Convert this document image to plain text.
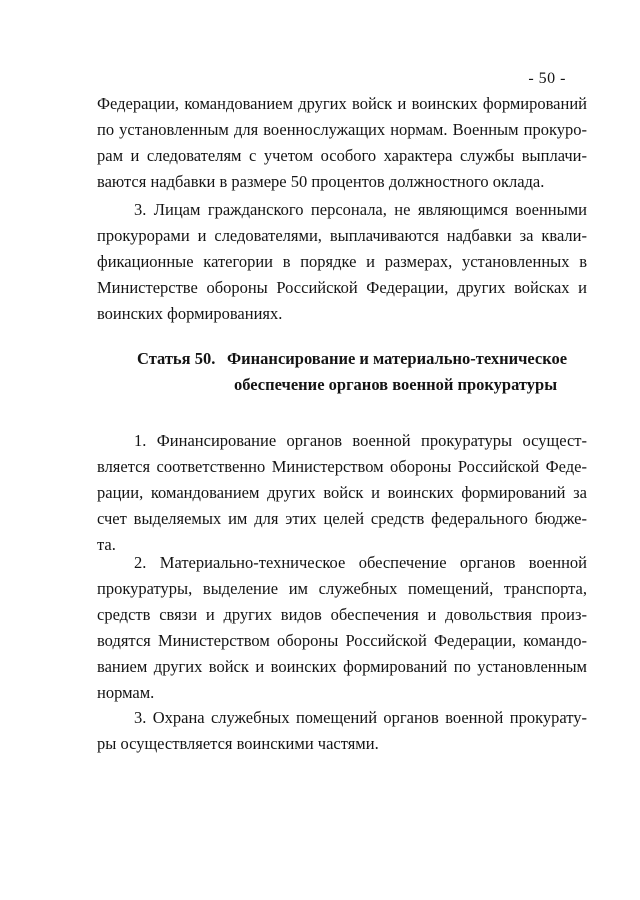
- 50 -
Федерации, командованием других войск и воинских формирований
по установленным для военнослужащих нормам. Военным прокуро-
рам и следователям с учетом особого характера службы выплачи-
ваются надбавки в размере 50 процентов должностного оклада.
3. Лицам гражданского персонала, не являющимся военными
прокурорами и следователями, выплачиваются надбавки за квали-
фикационные категории в порядке и размерах, установленных в
Министерстве обороны Российской Федерации, других войсках и
воинских формированиях.
Статья 50. Финансирование и материально-техническое
обеспечение органов военной прокуратуры
1. Финансирование органов военной прокуратуры осущест-
вляется соответственно Министерством обороны Российской Феде-
рации, командованием других войск и воинских формирований за
счет выделяемых им для этих целей средств федерального бюдже-
та.
2. Материально-техническое обеспечение органов военной
прокуратуры, выделение им служебных помещений, транспорта,
средств связи и других видов обеспечения и довольствия произ-
водятся Министерством обороны Российской Федерации, командо-
ванием других войск и воинских формирований по установленным
нормам.
3. Охрана служебных помещений органов военной прокурату-
ры осуществляется воинскими частями.
